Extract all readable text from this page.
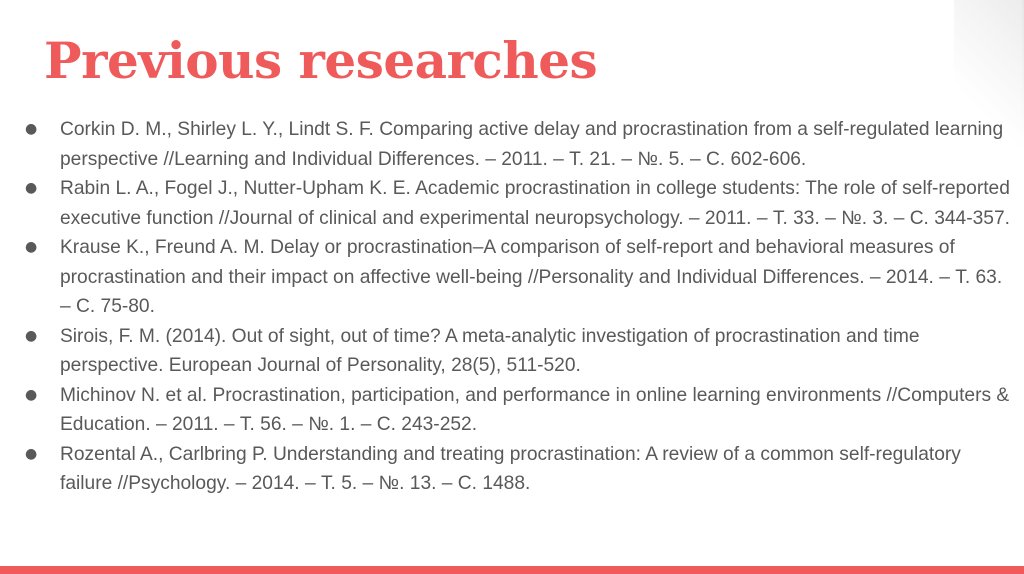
Previous researches
●	Corkin D. M., Shirley L. Y., Lindt S. F. Comparing active delay and procrastination from a self-regulated learning perspective //Learning and Individual Differences. – 2011. – Т. 21. – №. 5. – С. 602-606.
●	Rabin L. A., Fogel J., Nutter-Upham K. E. Academic procrastination in college students: The role of self-reported executive function //Journal of clinical and experimental neuropsychology. – 2011. – Т. 33. – №. 3. – С. 344-357.
●	Krause K., Freund A. M. Delay or procrastination–A comparison of self-report and behavioral measures of procrastination and their impact on affective well-being //Personality and Individual Differences. – 2014. – Т. 63. – С. 75-80.
●	Sirois, F. M. (2014). Out of sight, out of time? A meta-analytic investigation of procrastination and time perspective. European Journal of Personality, 28(5), 511-520.
●	Michinov N. et al. Procrastination, participation, and performance in online learning environments //Computers & Education. – 2011. – Т. 56. – №. 1. – С. 243-252.
●	Rozental A., Carlbring P. Understanding and treating procrastination: A review of a common self-regulatory failure //Psychology. – 2014. – Т. 5. – №. 13. – С. 1488.
